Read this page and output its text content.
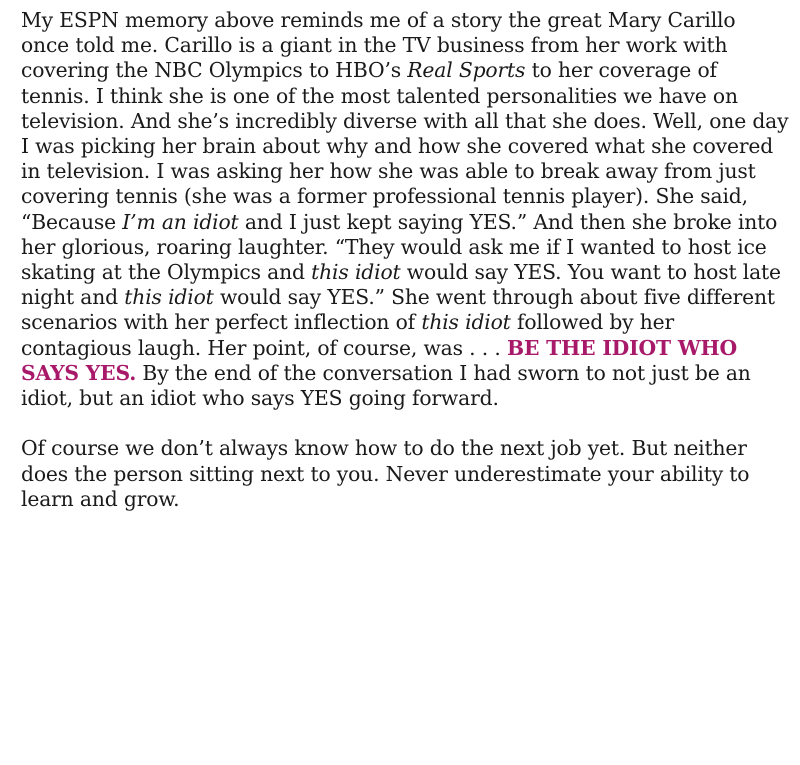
My ESPN memory above reminds me of a story the great Mary Carillo once told me. Carillo is a giant in the TV business from her work with covering the NBC Olympics to HBO’s Real Sports to her coverage of tennis. I think she is one of the most talented personalities we have on television. And she’s incredibly diverse with all that she does. Well, one day I was picking her brain about why and how she covered what she covered in television. I was asking her how she was able to break away from just covering tennis (she was a former professional tennis player). She said, “Because I’m an idiot and I just kept saying YES.” And then she broke into her glorious, roaring laughter. “They would ask me if I wanted to host ice skating at the Olympics and this idiot would say YES. You want to host late night and this idiot would say YES.” She went through about five different scenarios with her perfect inflection of this idiot followed by her contagious laugh. Her point, of course, was . . . BE THE IDIOT WHO SAYS YES. By the end of the conversation I had sworn to not just be an idiot, but an idiot who says YES going forward.

Of course we don’t always know how to do the next job yet. But neither does the person sitting next to you. Never underestimate your ability to learn and grow.
